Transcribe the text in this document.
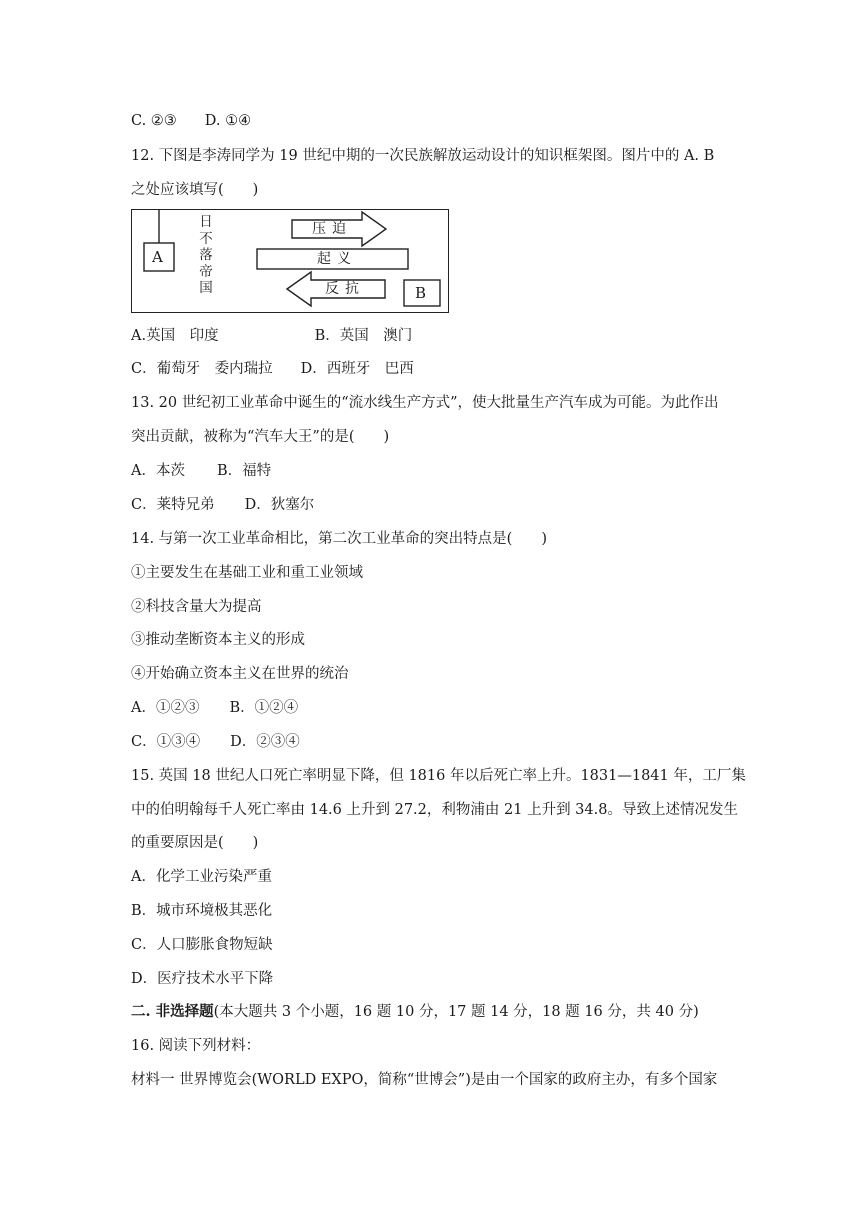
C. ②③ D. ①④
12. 下图是李涛同学为 19 世纪中期的一次民族解放运动设计的知识框架图。图片中的 A. B
之处应该填写(　　)
A
B
日
不
落
帝
国
压迫
起义
反抗
A.英国　印度	B．英国　澳门
C．葡萄牙　委内瑞拉 D．西班牙　巴西
13. 20 世纪初工业革命中诞生的“流水线生产方式”，使大批量生产汽车成为可能。为此作出
突出贡献，被称为“汽车大王”的是(　　)
A．本茨 B．福特
C．莱特兄弟 D．狄塞尔
14. 与第一次工业革命相比，第二次工业革命的突出特点是(　　)
①主要发生在基础工业和重工业领域
②科技含量大为提高
③推动垄断资本主义的形成
④开始确立资本主义在世界的统治
A．①②③ B．①②④
C．①③④ D．②③④
15. 英国 18 世纪人口死亡率明显下降，但 1816 年以后死亡率上升。1831—1841 年，工厂集
中的伯明翰每千人死亡率由 14.6 上升到 27.2，利物浦由 21 上升到 34.8。导致上述情况发生
的重要原因是(　　)
A．化学工业污染严重
B．城市环境极其恶化
C．人口膨胀食物短缺
D．医疗技术水平下降
二. 非选择题(本大题共 3 个小题，16 题 10 分，17 题 14 分，18 题 16 分，共 40 分)
16. 阅读下列材料：
材料一 世界博览会(WORLD EXPO，简称“世博会”)是由一个国家的政府主办，有多个国家
